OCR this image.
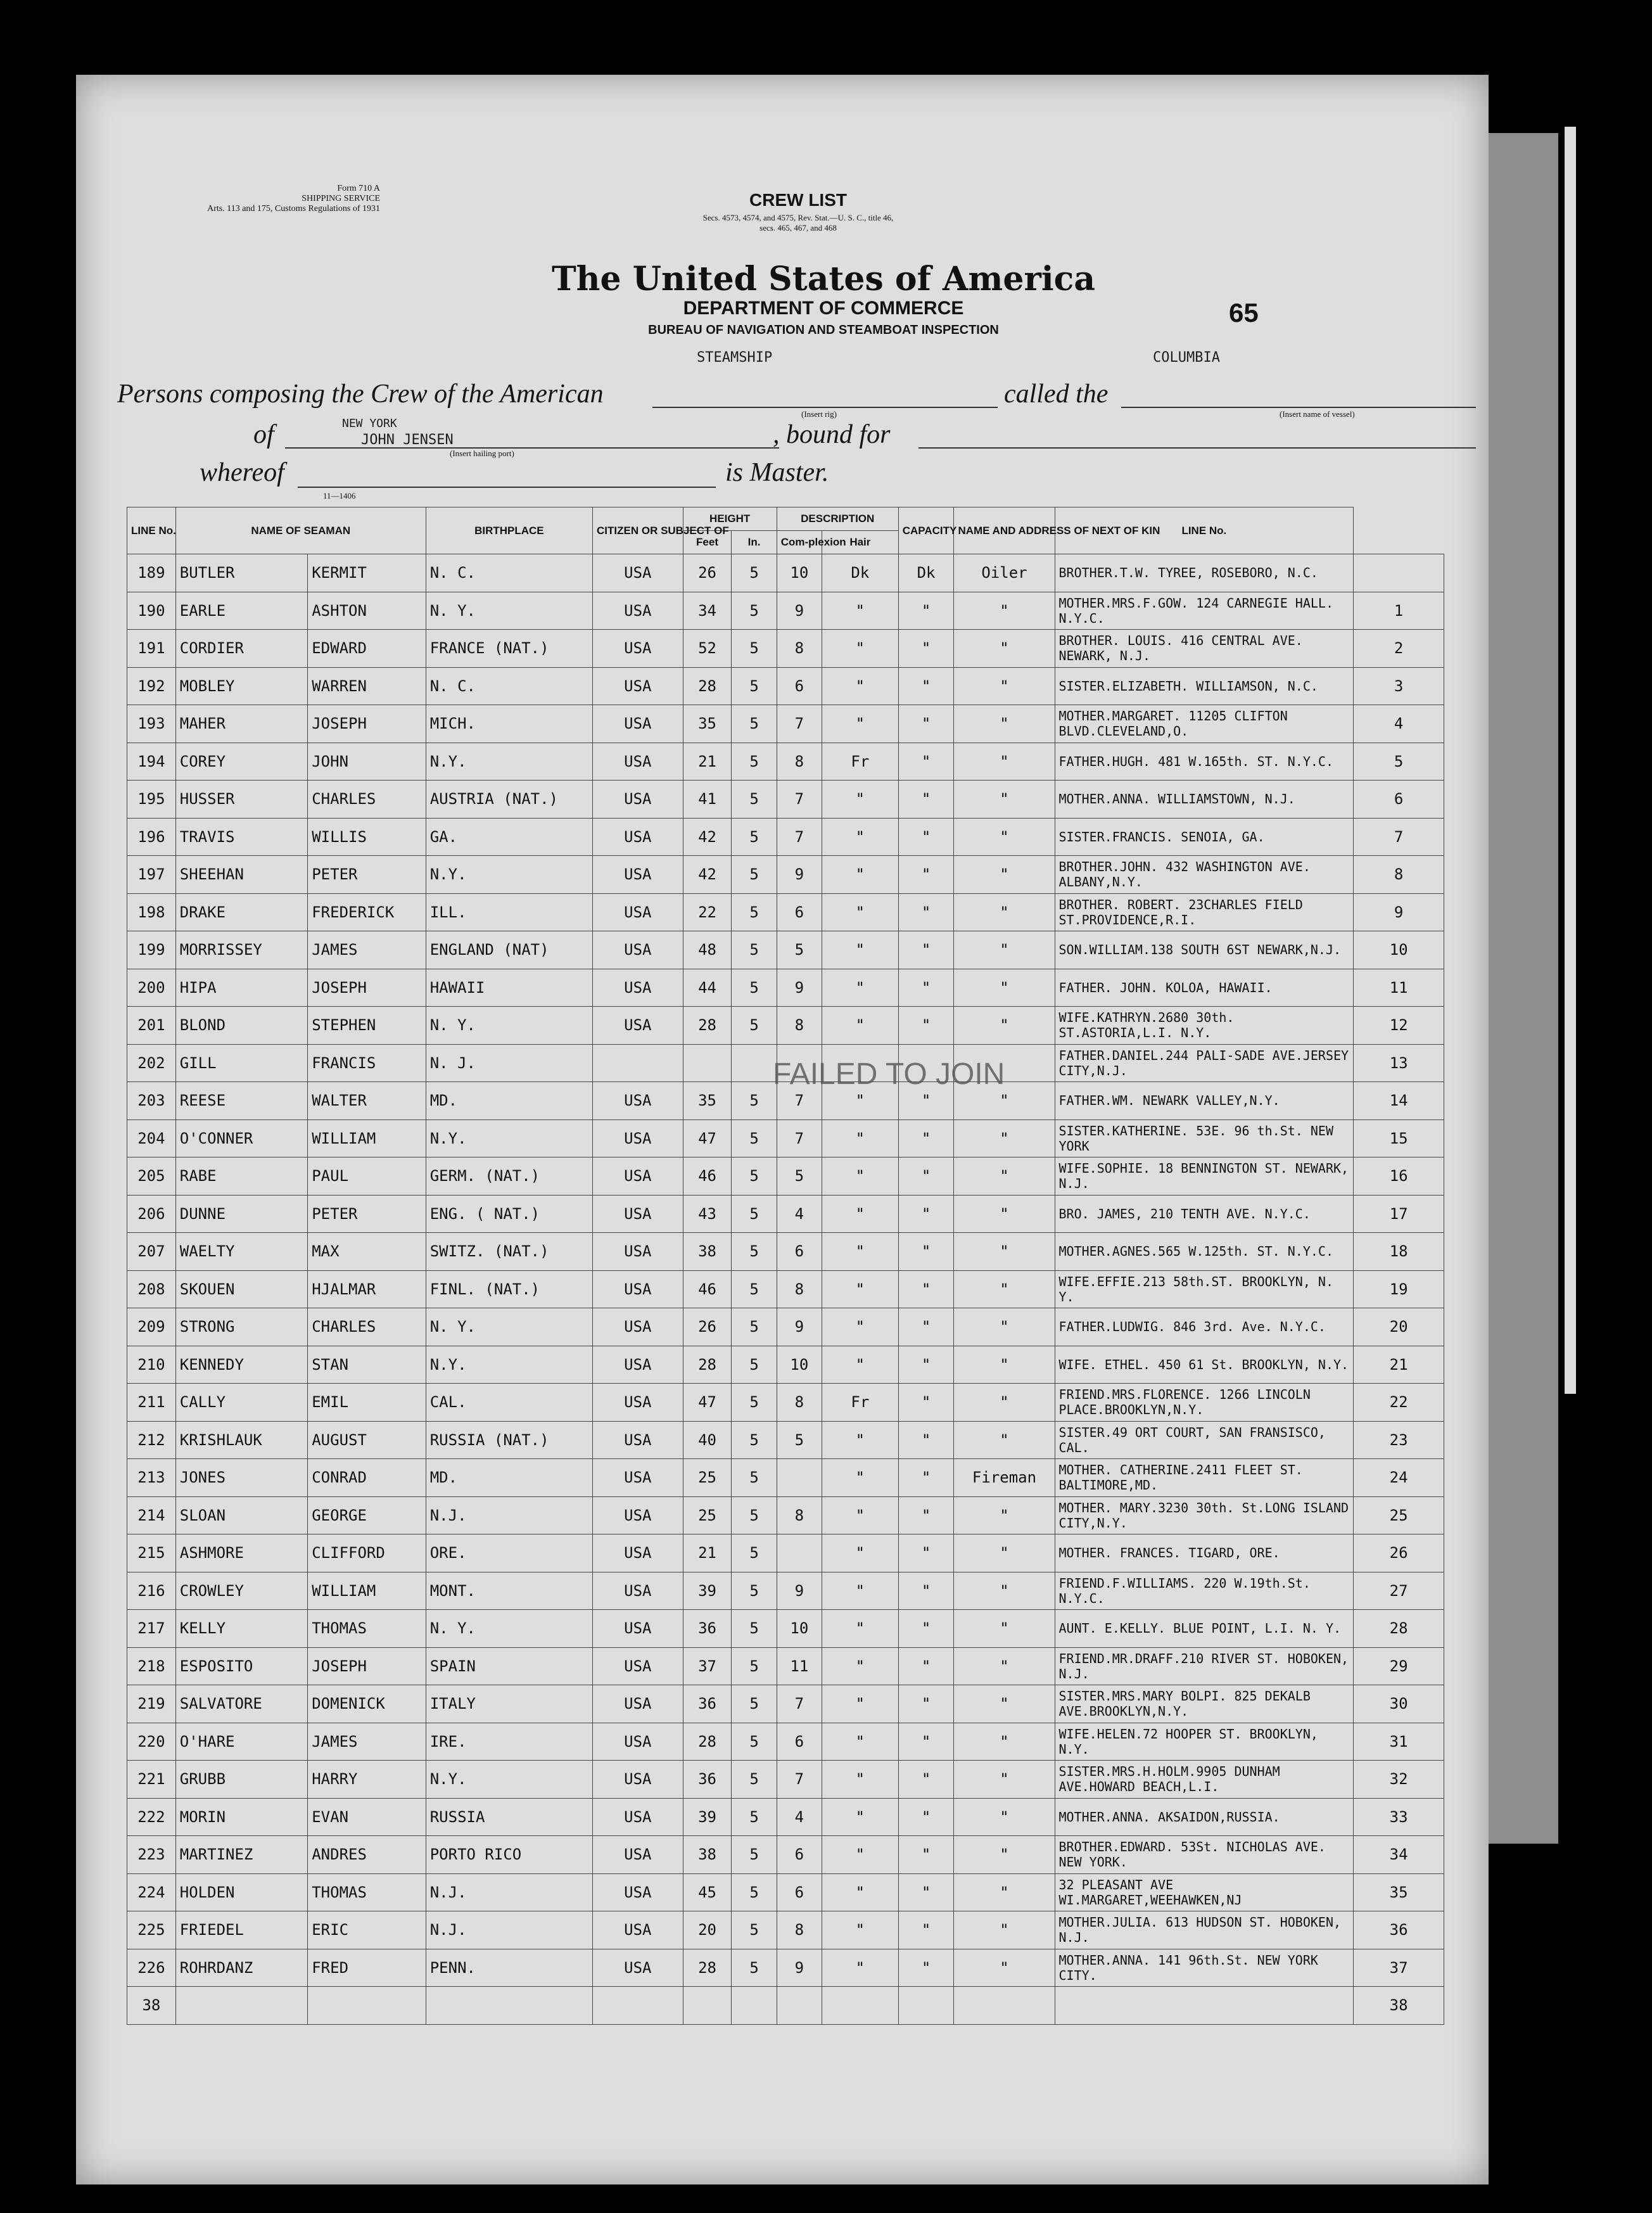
Form 710 A
SHIPPING SERVICE
Arts. 113 and 175, Customs Regulations of 1931	CREW LIST
Secs. 4573, 4574, and 4575, Rev. Stat.—U. S. C., title 46,
secs. 465, 467, and 468
The United States of America
DEPARTMENT OF COMMERCE
BUREAU OF NAVIGATION AND STEAMBOAT INSPECTION
65
STEAMSHIP	COLUMBIA
Persons composing the Crew of the American	called the
(Insert rig)	(Insert name of vessel)
of	NEW YORK
(Insert hailing port)
, bound for
whereof
JOHN JENSEN
is Master.
11—1406
LINE No.	NAME OF SEAMAN		BIRTHPLACE	CITIZEN OR SUBJECT OF	HEIGHT		DESCRIPTION		CAPACITY	NAME AND ADDRESS OF NEXT OF KIN	LINE No.	
					Feet	In.	Com-plexion	Hair				
189	BUTLER	KERMIT	N. C.	USA	26	5	10	Dk	Dk	Oiler	BROTHER.T.W. TYREE, ROSEBORO, N.C.	
190	EARLE	ASHTON	N. Y.	USA	34	5	9	"	"	"	MOTHER.MRS.F.GOW. 124 CARNEGIE HALL. N.Y.C.	1
191	CORDIER	EDWARD	FRANCE (NAT.)	USA	52	5	8	"	"	"	BROTHER. LOUIS. 416 CENTRAL AVE. NEWARK, N.J.	2
192	MOBLEY	WARREN	N. C.	USA	28	5	6	"	"	"	SISTER.ELIZABETH. WILLIAMSON, N.C.	3
193	MAHER	JOSEPH	MICH.	USA	35	5	7	"	"	"	MOTHER.MARGARET. 11205 CLIFTON BLVD.CLEVELAND,O.	4
194	COREY	JOHN	N.Y.	USA	21	5	8	Fr	"	"	FATHER.HUGH. 481 W.165th. ST. N.Y.C.	5
195	HUSSER	CHARLES	AUSTRIA (NAT.)	USA	41	5	7	"	"	"	MOTHER.ANNA. WILLIAMSTOWN, N.J.	6
196	TRAVIS	WILLIS	GA.	USA	42	5	7	"	"	"	SISTER.FRANCIS. SENOIA, GA.	7
197	SHEEHAN	PETER	N.Y.	USA	42	5	9	"	"	"	BROTHER.JOHN. 432 WASHINGTON AVE. ALBANY,N.Y.	8
198	DRAKE	FREDERICK	ILL.	USA	22	5	6	"	"	"	BROTHER. ROBERT. 23CHARLES FIELD ST.PROVIDENCE,R.I.	9
199	MORRISSEY	JAMES	ENGLAND (NAT)	USA	48	5	5	"	"	"	SON.WILLIAM.138 SOUTH 6ST NEWARK,N.J.	10
200	HIPA	JOSEPH	HAWAII	USA	44	5	9	"	"	"	FATHER. JOHN. KOLOA, HAWAII.	11
201	BLOND	STEPHEN	N. Y.	USA	28	5	8	"	"	"	WIFE.KATHRYN.2680 30th. ST.ASTORIA,L.I. N.Y.	12
202	GILL	FRANCIS	N. J.								FATHER.DANIEL.244 PALI-SADE AVE.JERSEY CITY,N.J.	13
203	REESE	WALTER	MD.	USA	35	5	7	"	"	"	FATHER.WM. NEWARK VALLEY,N.Y.	14
204	O'CONNER	WILLIAM	N.Y.	USA	47	5	7	"	"	"	SISTER.KATHERINE. 53E. 96 th.St. NEW YORK	15
205	RABE	PAUL	GERM. (NAT.)	USA	46	5	5	"	"	"	WIFE.SOPHIE. 18 BENNINGTON ST. NEWARK, N.J.	16
206	DUNNE	PETER	ENG. ( NAT.)	USA	43	5	4	"	"	"	BRO. JAMES, 210 TENTH AVE. N.Y.C.	17
207	WAELTY	MAX	SWITZ. (NAT.)	USA	38	5	6	"	"	"	MOTHER.AGNES.565 W.125th. ST. N.Y.C.	18
208	SKOUEN	HJALMAR	FINL. (NAT.)	USA	46	5	8	"	"	"	WIFE.EFFIE.213 58th.ST. BROOKLYN, N. Y.	19
209	STRONG	CHARLES	N. Y.	USA	26	5	9	"	"	"	FATHER.LUDWIG. 846 3rd. Ave. N.Y.C.	20
210	KENNEDY	STAN	N.Y.	USA	28	5	10	"	"	"	WIFE. ETHEL. 450 61 St. BROOKLYN, N.Y.	21
211	CALLY	EMIL	CAL.	USA	47	5	8	Fr	"	"	FRIEND.MRS.FLORENCE. 1266 LINCOLN PLACE.BROOKLYN,N.Y.	22
212	KRISHLAUK	AUGUST	RUSSIA (NAT.)	USA	40	5	5	"	"	"	SISTER.49 ORT COURT, SAN FRANSISCO, CAL.	23
213	JONES	CONRAD	MD.	USA	25	5		"	"	Fireman	MOTHER. CATHERINE.2411 FLEET ST. BALTIMORE,MD.	24
214	SLOAN	GEORGE	N.J.	USA	25	5	8	"	"	"	MOTHER. MARY.3230 30th. St.LONG ISLAND CITY,N.Y.	25
215	ASHMORE	CLIFFORD	ORE.	USA	21	5		"	"	"	MOTHER. FRANCES. TIGARD, ORE.	26
216	CROWLEY	WILLIAM	MONT.	USA	39	5	9	"	"	"	FRIEND.F.WILLIAMS. 220 W.19th.St. N.Y.C.	27
217	KELLY	THOMAS	N. Y.	USA	36	5	10	"	"	"	AUNT. E.KELLY. BLUE POINT, L.I. N. Y.	28
218	ESPOSITO	JOSEPH	SPAIN	USA	37	5	11	"	"	"	FRIEND.MR.DRAFF.210 RIVER ST. HOBOKEN, N.J.	29
219	SALVATORE	DOMENICK	ITALY	USA	36	5	7	"	"	"	SISTER.MRS.MARY BOLPI. 825 DEKALB AVE.BROOKLYN,N.Y.	30
220	O'HARE	JAMES	IRE.	USA	28	5	6	"	"	"	WIFE.HELEN.72 HOOPER ST. BROOKLYN, N.Y.	31
221	GRUBB	HARRY	N.Y.	USA	36	5	7	"	"	"	SISTER.MRS.H.HOLM.9905 DUNHAM AVE.HOWARD BEACH,L.I.	32
222	MORIN	EVAN	RUSSIA	USA	39	5	4	"	"	"	MOTHER.ANNA. AKSAIDON,RUSSIA.	33
223	MARTINEZ	ANDRES	PORTO RICO	USA	38	5	6	"	"	"	BROTHER.EDWARD. 53St. NICHOLAS AVE. NEW YORK.	34
224	HOLDEN	THOMAS	N.J.	USA	45	5	6	"	"	"	32 PLEASANT AVE WI.MARGARET,WEEHAWKEN,NJ	35
225	FRIEDEL	ERIC	N.J.	USA	20	5	8	"	"	"	MOTHER.JULIA. 613 HUDSON ST. HOBOKEN, N.J.	36
226	ROHRDANZ	FRED	PENN.	USA	28	5	9	"	"	"	MOTHER.ANNA. 141 96th.St. NEW YORK CITY.	37
38												38
FAILED TO JOIN
